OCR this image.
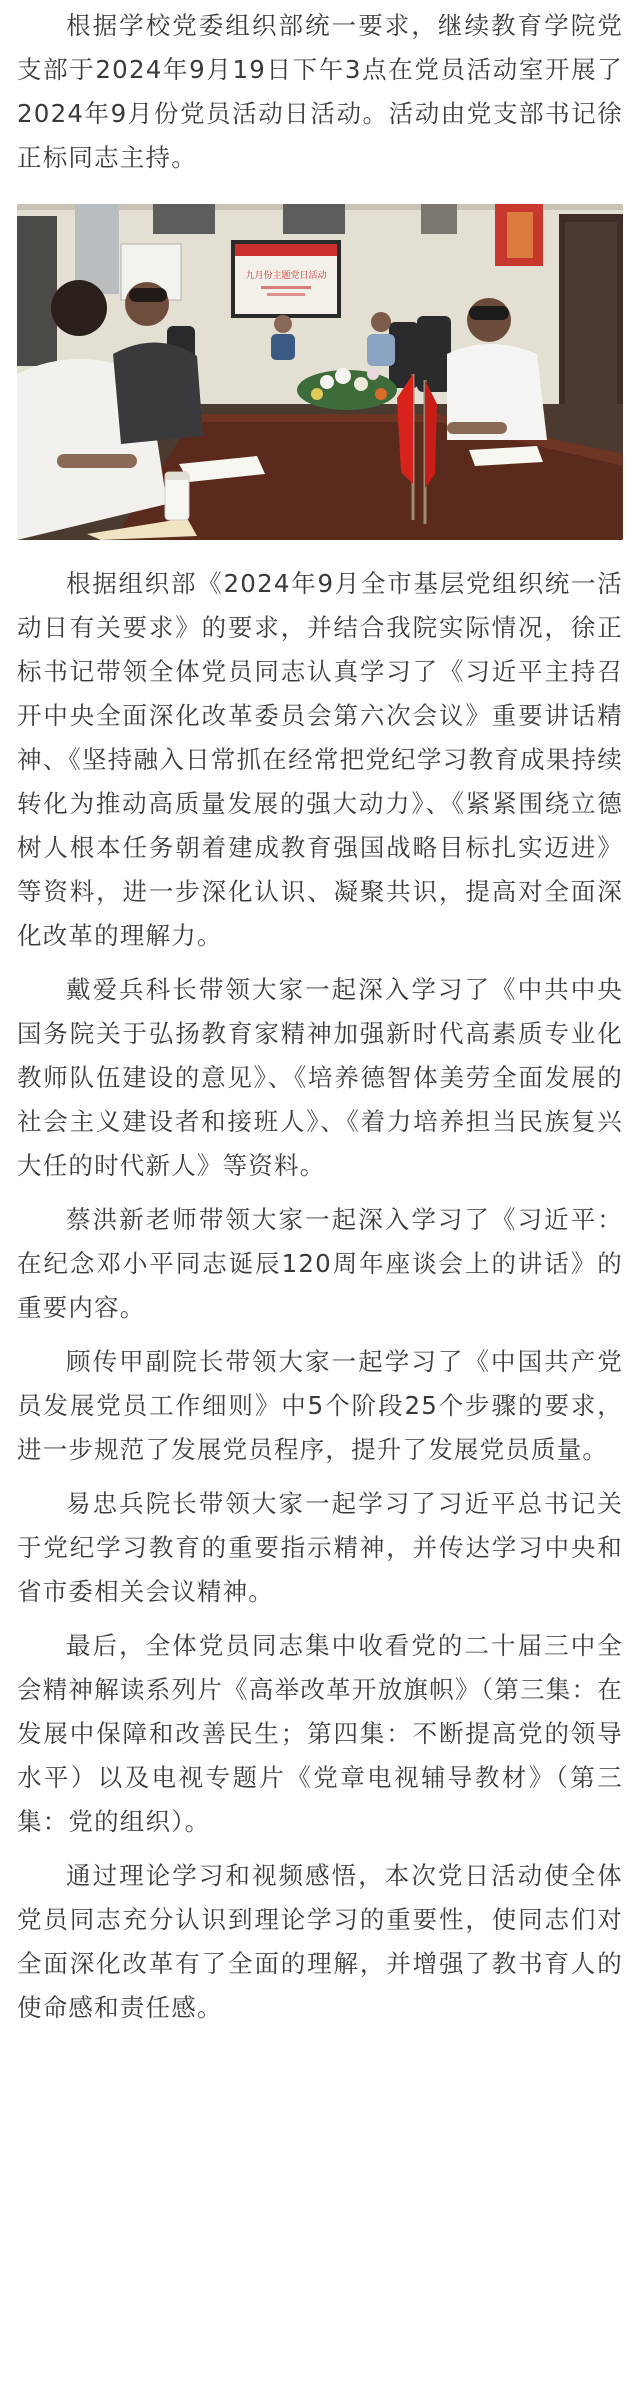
根据学校党委组织部统一要求，继续教育学院党支部于2024年9月19日下午3点在党员活动室开展了2024年9月份党员活动日活动。活动由党支部书记徐正标同志主持。

九月份主题党日活动

根据组织部《2024年9月全市基层党组织统一活动日有关要求》的要求，并结合我院实际情况，徐正标书记带领全体党员同志认真学习了《习近平主持召开中央全面深化改革委员会第六次会议》重要讲话精神、《坚持融入日常抓在经常把党纪学习教育成果持续转化为推动高质量发展的强大动力》、《紧紧围绕立德树人根本任务朝着建成教育强国战略目标扎实迈进》等资料，进一步深化认识、凝聚共识，提高对全面深化改革的理解力。

戴爱兵科长带领大家一起深入学习了《中共中央 国务院关于弘扬教育家精神加强新时代高素质专业化教师队伍建设的意见》、《培养德智体美劳全面发展的社会主义建设者和接班人》、《着力培养担当民族复兴大任的时代新人》等资料。

蔡洪新老师带领大家一起深入学习了《习近平：在纪念邓小平同志诞辰120周年座谈会上的讲话》的重要内容。

顾传甲副院长带领大家一起学习了《中国共产党员发展党员工作细则》中5个阶段25个步骤的要求，进一步规范了发展党员程序，提升了发展党员质量。

易忠兵院长带领大家一起学习了习近平总书记关于党纪学习教育的重要指示精神，并传达学习中央和省市委相关会议精神。

最后，全体党员同志集中收看党的二十届三中全会精神解读系列片《高举改革开放旗帜》（第三集：在发展中保障和改善民生；第四集：不断提高党的领导水平）以及电视专题片《党章电视辅导教材》（第三集：党的组织）。

通过理论学习和视频感悟，本次党日活动使全体党员同志充分认识到理论学习的重要性，使同志们对全面深化改革有了全面的理解，并增强了教书育人的使命感和责任感。
